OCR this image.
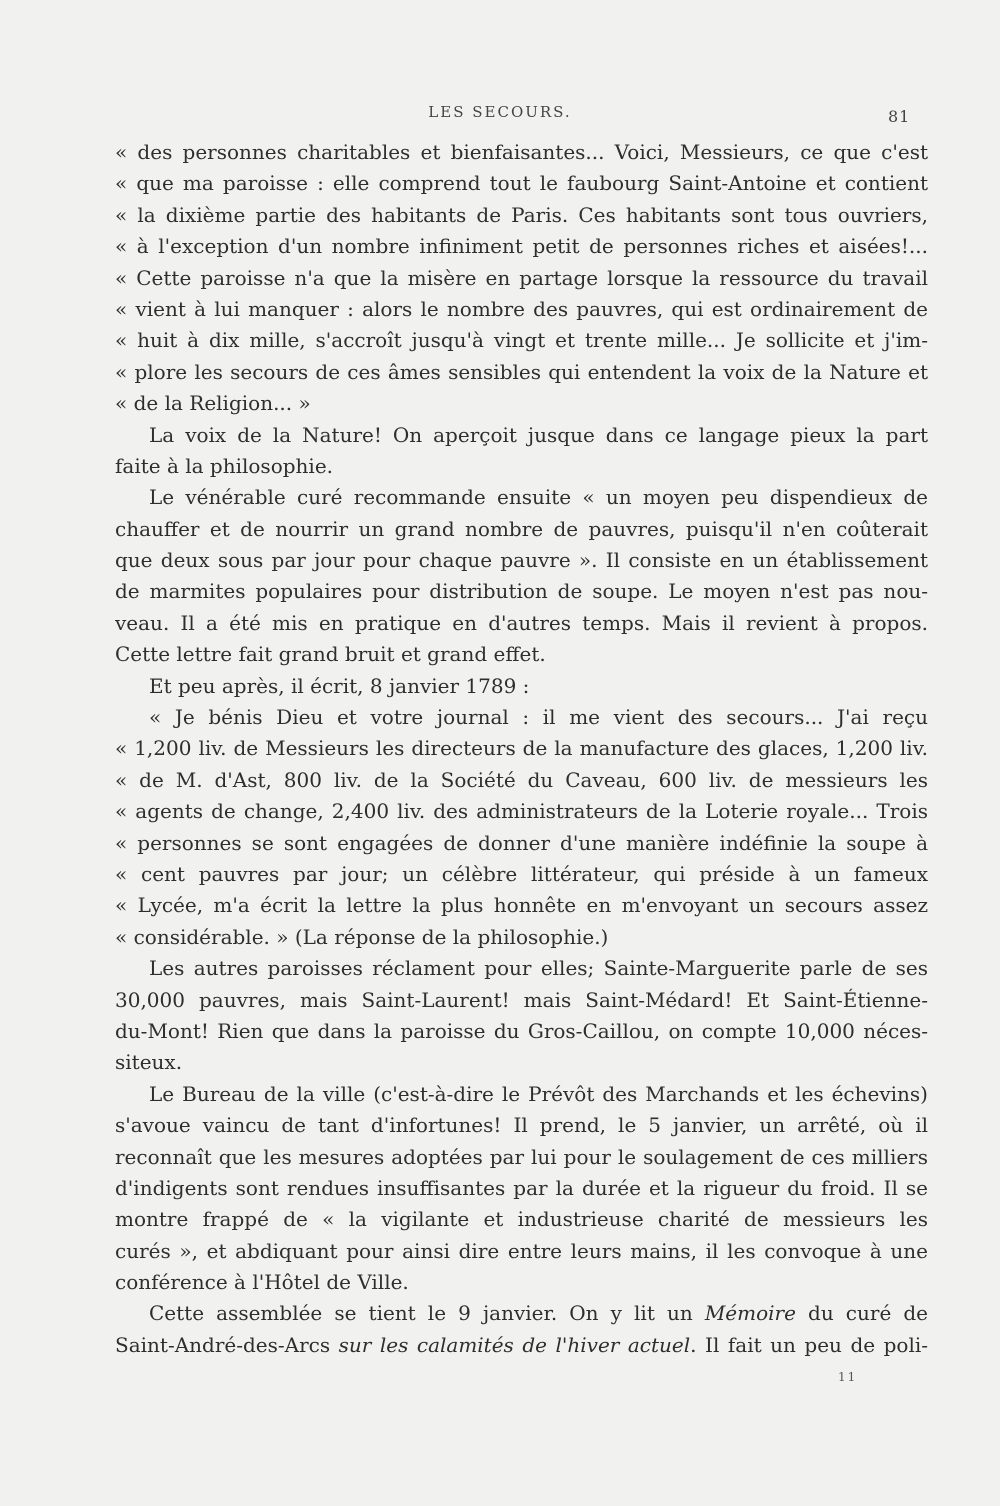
LES SECOURS.	81
« des personnes charitables et bienfaisantes... Voici, Messieurs, ce que c'est
« que ma paroisse : elle comprend tout le faubourg Saint-Antoine et contient
« la dixième partie des habitants de Paris. Ces habitants sont tous ouvriers,
« à l'exception d'un nombre infiniment petit de personnes riches et aisées!...
« Cette paroisse n'a que la misère en partage lorsque la ressource du travail
« vient à lui manquer : alors le nombre des pauvres, qui est ordinairement de
« huit à dix mille, s'accroît jusqu'à vingt et trente mille... Je sollicite et j'im-
« plore les secours de ces âmes sensibles qui entendent la voix de la Nature et
« de la Religion... »
La voix de la Nature! On aperçoit jusque dans ce langage pieux la part
faite à la philosophie.
Le vénérable curé recommande ensuite « un moyen peu dispendieux de
chauffer et de nourrir un grand nombre de pauvres, puisqu'il n'en coûterait
que deux sous par jour pour chaque pauvre ». Il consiste en un établissement
de marmites populaires pour distribution de soupe. Le moyen n'est pas nou-
veau. Il a été mis en pratique en d'autres temps. Mais il revient à propos.
Cette lettre fait grand bruit et grand effet.
Et peu après, il écrit, 8 janvier 1789 :
« Je bénis Dieu et votre journal : il me vient des secours... J'ai reçu
« 1,200 liv. de Messieurs les directeurs de la manufacture des glaces, 1,200 liv.
« de M. d'Ast, 800 liv. de la Société du Caveau, 600 liv. de messieurs les
« agents de change, 2,400 liv. des administrateurs de la Loterie royale... Trois
« personnes se sont engagées de donner d'une manière indéfinie la soupe à
« cent pauvres par jour; un célèbre littérateur, qui préside à un fameux
« Lycée, m'a écrit la lettre la plus honnête en m'envoyant un secours assez
« considérable. » (La réponse de la philosophie.)
Les autres paroisses réclament pour elles; Sainte-Marguerite parle de ses
30,000 pauvres, mais Saint-Laurent! mais Saint-Médard! Et Saint-Étienne-
du-Mont! Rien que dans la paroisse du Gros-Caillou, on compte 10,000 néces-
siteux.
Le Bureau de la ville (c'est-à-dire le Prévôt des Marchands et les échevins)
s'avoue vaincu de tant d'infortunes! Il prend, le 5 janvier, un arrêté, où il
reconnaît que les mesures adoptées par lui pour le soulagement de ces milliers
d'indigents sont rendues insuffisantes par la durée et la rigueur du froid. Il se
montre frappé de « la vigilante et industrieuse charité de messieurs les
curés », et abdiquant pour ainsi dire entre leurs mains, il les convoque à une
conférence à l'Hôtel de Ville.
Cette assemblée se tient le 9 janvier. On y lit un Mémoire du curé de
Saint-André-des-Arcs sur les calamités de l'hiver actuel. Il fait un peu de poli-
11
